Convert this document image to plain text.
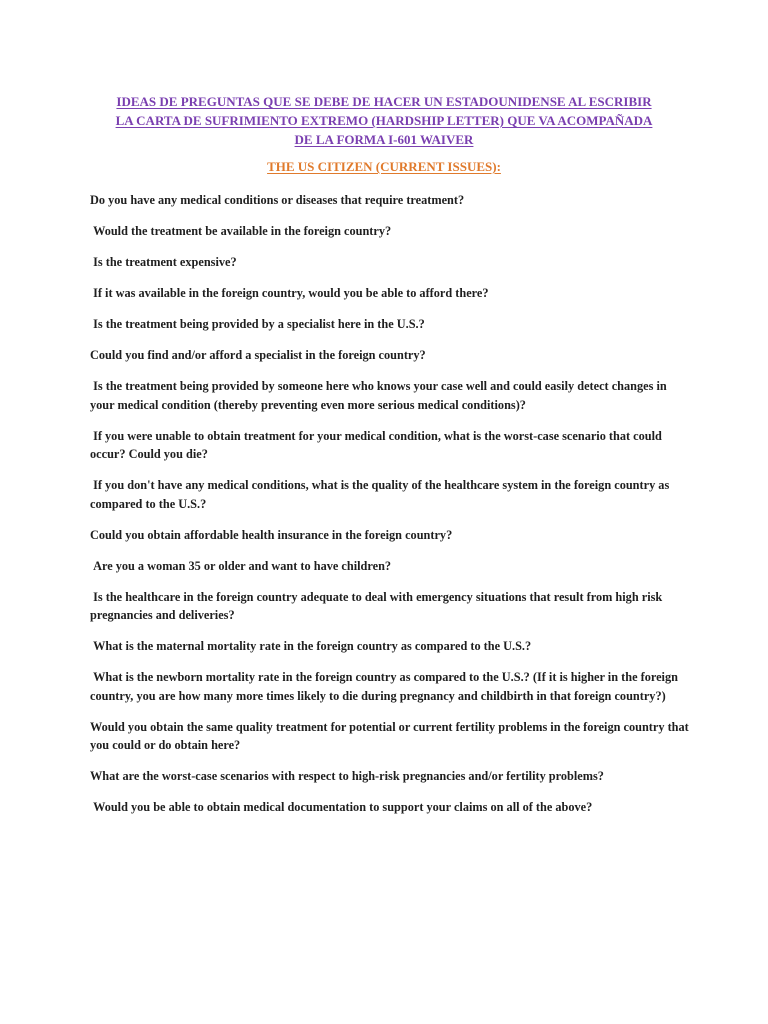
IDEAS DE PREGUNTAS QUE SE DEBE DE HACER UN ESTADOUNIDENSE AL ESCRIBIR
LA CARTA DE SUFRIMIENTO EXTREMO (HARDSHIP LETTER) QUE VA ACOMPAÑADA
DE LA FORMA I-601 WAIVER
THE US CITIZEN (CURRENT ISSUES):
Do you have any medical conditions or diseases that require treatment?
Would the treatment be available in the foreign country?
Is the treatment expensive?
If it was available in the foreign country, would you be able to afford there?
Is the treatment being provided by a specialist here in the U.S.?
Could you find and/or afford a specialist in the foreign country?
Is the treatment being provided by someone here who knows your case well and could easily detect changes in your medical condition (thereby preventing even more serious medical conditions)?
If you were unable to obtain treatment for your medical condition, what is the worst-case scenario that could occur? Could you die?
If you don't have any medical conditions, what is the quality of the healthcare system in the foreign country as compared to the U.S.?
Could you obtain affordable health insurance in the foreign country?
Are you a woman 35 or older and want to have children?
Is the healthcare in the foreign country adequate to deal with emergency situations that result from high risk pregnancies and deliveries?
What is the maternal mortality rate in the foreign country as compared to the U.S.?
What is the newborn mortality rate in the foreign country as compared to the U.S.? (If it is higher in the foreign country, you are how many more times likely to die during pregnancy and childbirth in that foreign country?)
Would you obtain the same quality treatment for potential or current fertility problems in the foreign country that you could or do obtain here?
What are the worst-case scenarios with respect to high-risk pregnancies and/or fertility problems?
Would you be able to obtain medical documentation to support your claims on all of the above?
